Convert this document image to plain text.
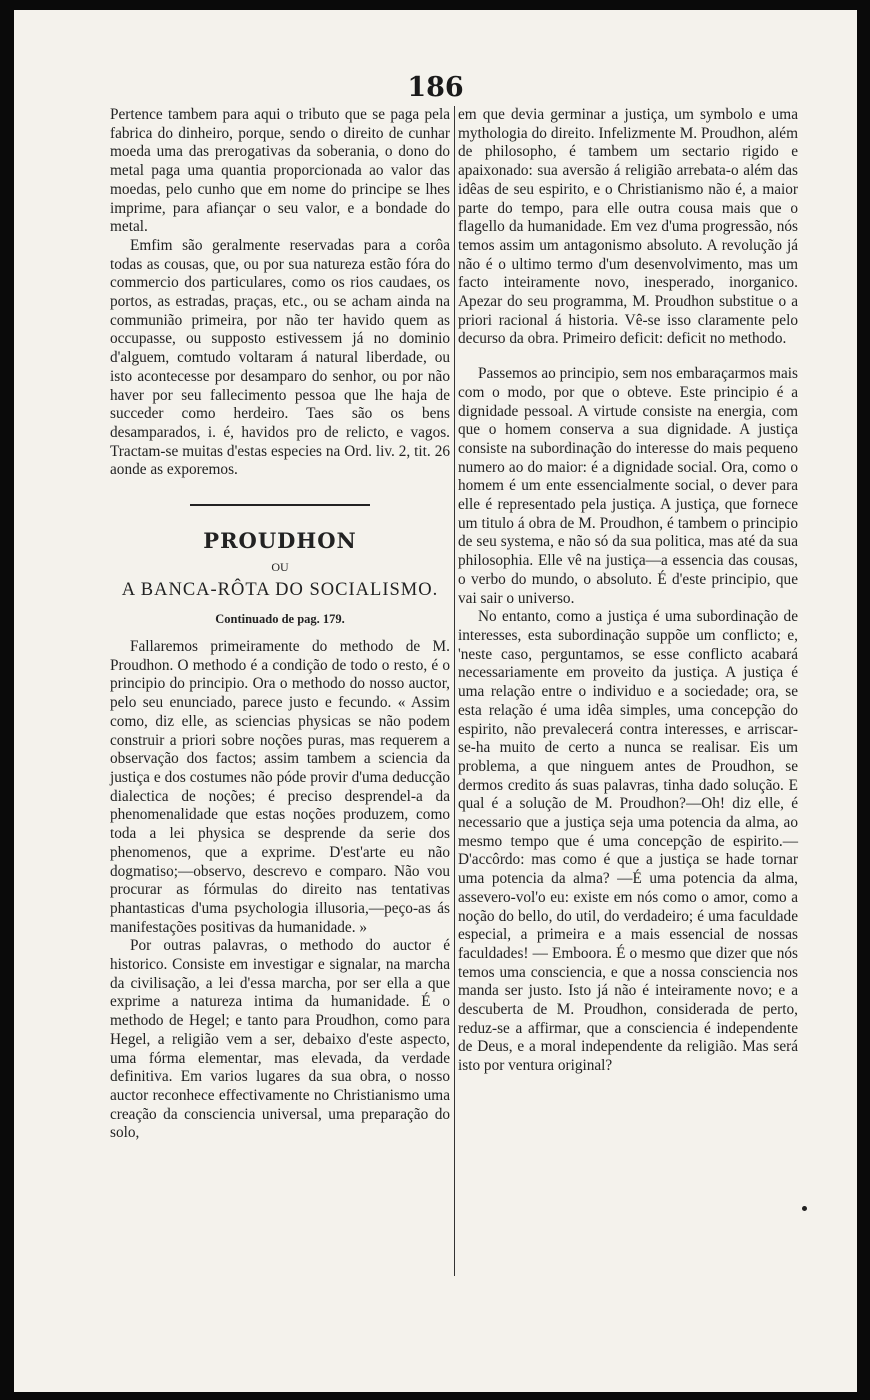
186

Pertence tambem para aqui o tributo que se paga pela fabrica do dinheiro, porque, sendo o direito de cunhar moeda uma das prerogativas da soberania, o dono do metal paga uma quantia proporcionada ao valor das moedas, pelo cunho que em nome do principe se lhes imprime, para afiançar o seu valor, e a bondade do metal.

Emfim são geralmente reservadas para a corôa todas as cousas, que, ou por sua natureza estão fóra do commercio dos particulares, como os rios caudaes, os portos, as estradas, praças, etc., ou se acham ainda na communião primeira, por não ter havido quem as occupasse, ou supposto estivessem já no dominio d'alguem, comtudo voltaram á natural liberdade, ou isto acontecesse por desamparo do senhor, ou por não haver por seu fallecimento pessoa que lhe haja de succeder como herdeiro. Taes são os bens desamparados, i. é, havidos pro de relicto, e vagos. Tractam-se muitas d'estas especies na Ord. liv. 2, tit. 26 aonde as exporemos.

PROUDHON
OU
A BANCA-RÔTA DO SOCIALISMO.
Continuado de pag. 179.

Fallaremos primeiramente do methodo de M. Proudhon. O methodo é a condição de todo o resto, é o principio do principio. Ora o methodo do nosso auctor, pelo seu enunciado, parece justo e fecundo. « Assim como, diz elle, as sciencias physicas se não podem construir a priori sobre noções puras, mas requerem a observação dos factos; assim tambem a sciencia da justiça e dos costumes não póde provir d'uma deducção dialectica de noções; é preciso desprendel-a da phenomenalidade que estas noções produzem, como toda a lei physica se desprende da serie dos phenomenos, que a exprime. D'est'arte eu não dogmatiso;—observo, descrevo e comparo. Não vou procurar as fórmulas do direito nas tentativas phantasticas d'uma psychologia illusoria,—peço-as ás manifestações positivas da humanidade. »

Por outras palavras, o methodo do auctor é historico. Consiste em investigar e signalar, na marcha da civilisação, a lei d'essa marcha, por ser ella a que exprime a natureza intima da humanidade. É o methodo de Hegel; e tanto para Proudhon, como para Hegel, a religião vem a ser, debaixo d'este aspecto, uma fórma elementar, mas elevada, da verdade definitiva. Em varios lugares da sua obra, o nosso auctor reconhece effectivamente no Christianismo uma creação da consciencia universal, uma preparação do solo,

em que devia germinar a justiça, um symbolo e uma mythologia do direito. Infelizmente M. Proudhon, além de philosopho, é tambem um sectario rigido e apaixonado: sua aversão á religião arrebata-o além das idêas de seu espirito, e o Christianismo não é, a maior parte do tempo, para elle outra cousa mais que o flagello da humanidade. Em vez d'uma progressão, nós temos assim um antagonismo absoluto. A revolução já não é o ultimo termo d'um desenvolvimento, mas um facto inteiramente novo, inesperado, inorganico. Apezar do seu programma, M. Proudhon substitue o a priori racional á historia. Vê-se isso claramente pelo decurso da obra. Primeiro deficit: deficit no methodo.

Passemos ao principio, sem nos embaraçarmos mais com o modo, por que o obteve. Este principio é a dignidade pessoal. A virtude consiste na energia, com que o homem conserva a sua dignidade. A justiça consiste na subordinação do interesse do mais pequeno numero ao do maior: é a dignidade social. Ora, como o homem é um ente essencialmente social, o dever para elle é representado pela justiça. A justiça, que fornece um titulo á obra de M. Proudhon, é tambem o principio de seu systema, e não só da sua politica, mas até da sua philosophia. Elle vê na justiça—a essencia das cousas, o verbo do mundo, o absoluto. É d'este principio, que vai sair o universo.

No entanto, como a justiça é uma subordinação de interesses, esta subordinação suppõe um conflicto; e, 'neste caso, perguntamos, se esse conflicto acabará necessariamente em proveito da justiça. A justiça é uma relação entre o individuo e a sociedade; ora, se esta relação é uma idêa simples, uma concepção do espirito, não prevalecerá contra interesses, e arriscar-se-ha muito de certo a nunca se realisar. Eis um problema, a que ninguem antes de Proudhon, se dermos credito ás suas palavras, tinha dado solução. E qual é a solução de M. Proudhon?—Oh! diz elle, é necessario que a justiça seja uma potencia da alma, ao mesmo tempo que é uma concepção de espirito.—D'accôrdo: mas como é que a justiça se hade tornar uma potencia da alma? —É uma potencia da alma, assevero-vol'o eu: existe em nós como o amor, como a noção do bello, do util, do verdadeiro; é uma faculdade especial, a primeira e a mais essencial de nossas faculdades! — Emboora. É o mesmo que dizer que nós temos uma consciencia, e que a nossa consciencia nos manda ser justo. Isto já não é inteiramente novo; e a descuberta de M. Proudhon, considerada de perto, reduz-se a affirmar, que a consciencia é independente de Deus, e a moral independente da religião. Mas será isto por ventura original?
